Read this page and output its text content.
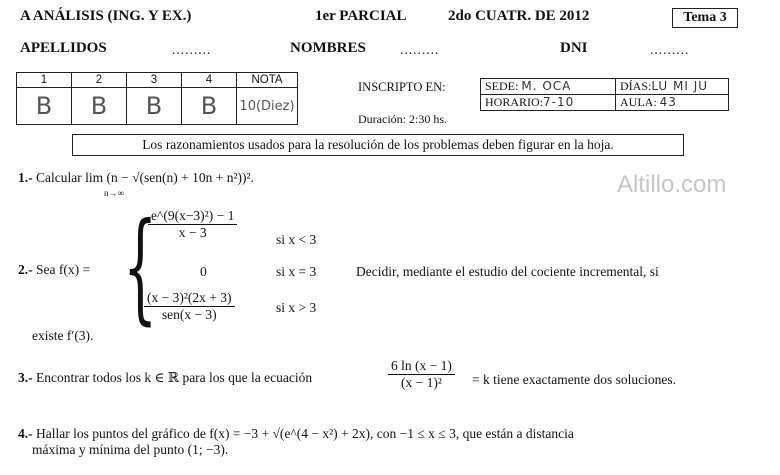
A ANÁLISIS (ING. Y EX.)	1er PARCIAL	2do CUATR. DE 2012	Tema 3
APELLIDOS	.........	NOMBRES	.........	DNI	.........
1	2	3	4	NOTA
B	B	B	B	10(Diez)
INSCRIPTO EN:	SEDE: M. OCA	DÍAS:LU MI JU
HORARIO:7-10	AULA: 43
Duración: 2:30 hs.
Los razonamientos usados para la resolución de los problemas deben figurar en la hoja.
Altillo.com
1.- Calcular lim (n − √(sen(n) + 10n + n²))².
n→∞
2.- Sea f(x) = {
$\frac{\text{e\textasciicircum{}(9(x−3)²) − 1}}{x - 3}$	si x < 3
0	si x = 3
(x − 3)²(2x + 3)
sen(x − 3)	si x > 3
Decidir, mediante el estudio del cociente incremental, si
existe f′(3).
3.- Encontrar todos los k ∈ ℝ para los que la ecuación	$\frac{6 \ln (x - 1)}{\text{(x − 1)²}} = k$ tiene exactamente dos soluciones.
4.- Hallar los puntos del gráfico de f(x) = −3 + √(e^(4 − x²) + 2x), con −1 ≤ x ≤ 3, que están a distancia
máxima y mínima del punto (1; −3).
